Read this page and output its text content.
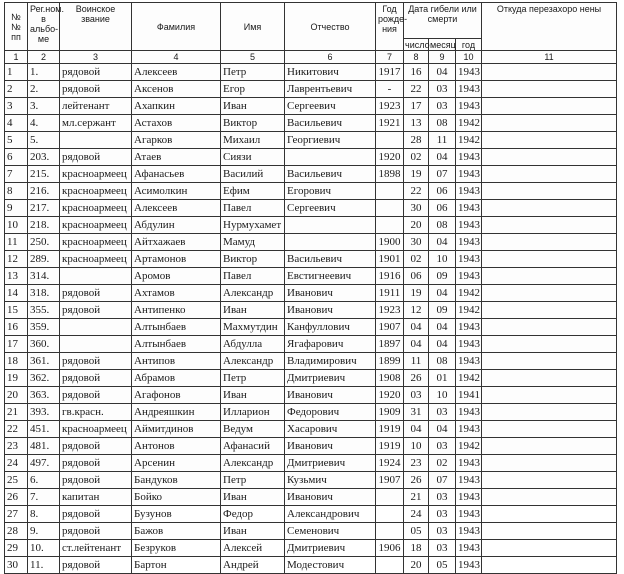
№№ пп	Рег.ном. в альбо-ме	Воинское звание	Фамилия	Имя	Отчество	Год рожде-ния	Дата гибели или смерти			Откуда перезахоро нены
							число	месяц	год	
1	2	3	4	5	6	7	8	9	10	11
1	1.	рядовой	Алексеев	Петр	Никитович	1917	16	04	1943	
2	2.	рядовой	Аксенов	Егор	Лаврентьевич	-	22	03	1943	
3	3.	лейтенант	Ахапкин	Иван	Сергеевич	1923	17	03	1943	
4	4.	мл.сержант	Астахов	Виктор	Васильевич	1921	13	08	1942	
5	5.		Агарков	Михаил	Георгиевич		28	11	1942	
6	203.	рядовой	Атаев	Сиязи		1920	02	04	1943	
7	215.	красноармеец	Афанасьев	Василий	Васильевич	1898	19	07	1943	
8	216.	красноармеец	Асимолкин	Ефим	Егорович		22	06	1943	
9	217.	красноармеец	Алексеев	Павел	Сергеевич		30	06	1943	
10	218.	красноармеец	Абдулин	Нурмухамет			20	08	1943	
11	250.	красноармеец	Айтхажаев	Мамуд		1900	30	04	1943	
12	289.	красноармеец	Артамонов	Виктор	Васильевич	1901	02	10	1943	
13	314.		Аромов	Павел	Евстигнеевич	1916	06	09	1943	
14	318.	рядовой	Ахтамов	Александр	Иванович	1911	19	04	1942	
15	355.	рядовой	Антипенко	Иван	Иванович	1923	12	09	1942	
16	359.		Алтынбаев	Махмутдин	Канфуллович	1907	04	04	1943	
17	360.		Алтынбаев	Абдулла	Ягафарович	1897	04	04	1943	
18	361.	рядовой	Антипов	Александр	Владимирович	1899	11	08	1943	
19	362.	рядовой	Абрамов	Петр	Дмитриевич	1908	26	01	1942	
20	363.	рядовой	Агафонов	Иван	Иванович	1920	03	10	1941	
21	393.	гв.красн.	Андреяшкин	Илларион	Федорович	1909	31	03	1943	
22	451.	красноармеец	Аймитдинов	Ведум	Хасарович	1919	04	04	1943	
23	481.	рядовой	Антонов	Афанасий	Иванович	1919	10	03	1942	
24	497.	рядовой	Арсенин	Александр	Дмитриевич	1924	23	02	1943	
25	6.	рядовой	Бандуков	Петр	Кузьмич	1907	26	07	1943	
26	7.	капитан	Бойко	Иван	Иванович		21	03	1943	
27	8.	рядовой	Бузунов	Федор	Александрович		24	03	1943	
28	9.	рядовой	Бажов	Иван	Семенович		05	03	1943	
29	10.	ст.лейтенант	Безруков	Алексей	Дмитриевич	1906	18	03	1943	
30	11.	рядовой	Бартон	Андрей	Модестович		20	05	1943	
